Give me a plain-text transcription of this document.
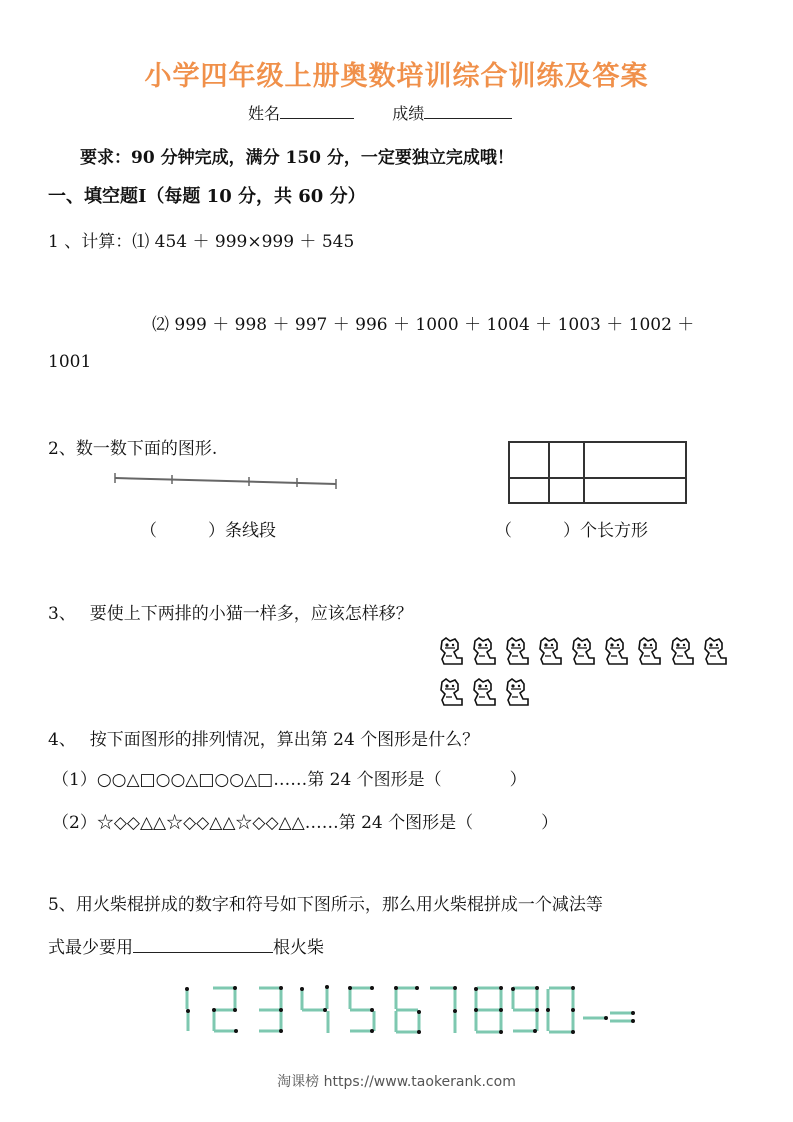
小学四年级上册奥数培训综合训练及答案
姓名	成绩
要求：90 分钟完成，满分 150 分，一定要独立完成哦！
一、填空题Ⅰ（每题 10 分，共 60 分）
1 、计算：⑴ 454 ＋ 999×999 ＋ 545
⑵ 999 ＋ 998 ＋ 997 ＋ 996 ＋ 1000 ＋ 1004 ＋ 1003 ＋ 1002 ＋
1001
2、数一数下面的图形.
（　　　）条线段	（　　　）个长方形
3、　 要使上下两排的小猫一样多，应该怎样移？
4、　 按下面图形的排列情况，算出第 24 个图形是什么？
（1）○○△□○○△□○○△□……第 24 个图形是（　　　　）
（2）☆◇◇△△☆◇◇△△☆◇◇△△……第 24 个图形是（　　　　）
5、用火柴棍拼成的数字和符号如下图所示，那么用火柴棍拼成一个减法等
式最少要用	根火柴
淘课榜 https://www.taokerank.com
